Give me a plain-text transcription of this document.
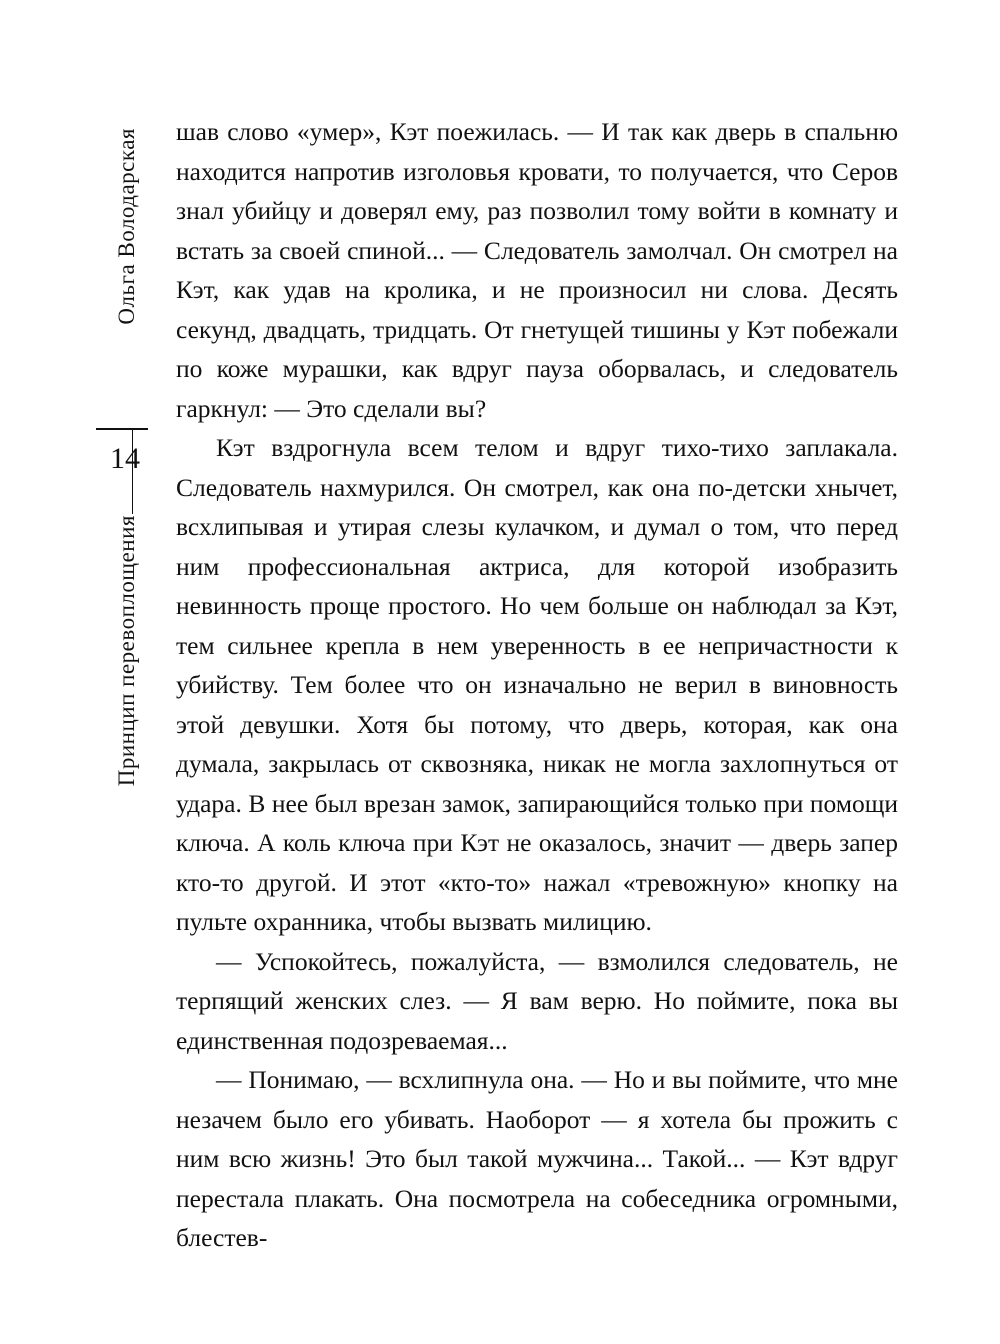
Ольга Володарская
14
Принцип перевоплощения

шав слово «умер», Кэт поежилась. — И так как дверь в спальню находится напротив изголовья кровати, то получается, что Серов знал убийцу и доверял ему, раз позволил тому войти в комнату и встать за своей спиной... — Следователь замолчал. Он смотрел на Кэт, как удав на кролика, и не произносил ни слова. Десять секунд, двадцать, тридцать. От гнетущей тишины у Кэт побежали по коже мурашки, как вдруг пауза оборвалась, и следователь гаркнул: — Это сделали вы?

Кэт вздрогнула всем телом и вдруг тихо-тихо заплакала. Следователь нахмурился. Он смотрел, как она по-детски хнычет, всхлипывая и утирая слезы кулачком, и думал о том, что перед ним профессиональная актриса, для которой изобразить невинность проще простого. Но чем больше он наблюдал за Кэт, тем сильнее крепла в нем уверенность в ее непричастности к убийству. Тем более что он изначально не верил в виновность этой девушки. Хотя бы потому, что дверь, которая, как она думала, закрылась от сквозняка, никак не могла захлопнуться от удара. В нее был врезан замок, запирающийся только при помощи ключа. А коль ключа при Кэт не оказалось, значит — дверь запер кто-то другой. И этот «кто-то» нажал «тревожную» кнопку на пульте охранника, чтобы вызвать милицию.

— Успокойтесь, пожалуйста, — взмолился следователь, не терпящий женских слез. — Я вам верю. Но поймите, пока вы единственная подозреваемая...

— Понимаю, — всхлипнула она. — Но и вы поймите, что мне незачем было его убивать. Наоборот — я хотела бы прожить с ним всю жизнь! Это был такой мужчина... Такой... — Кэт вдруг перестала плакать. Она посмотрела на собеседника огромными, блестев-
